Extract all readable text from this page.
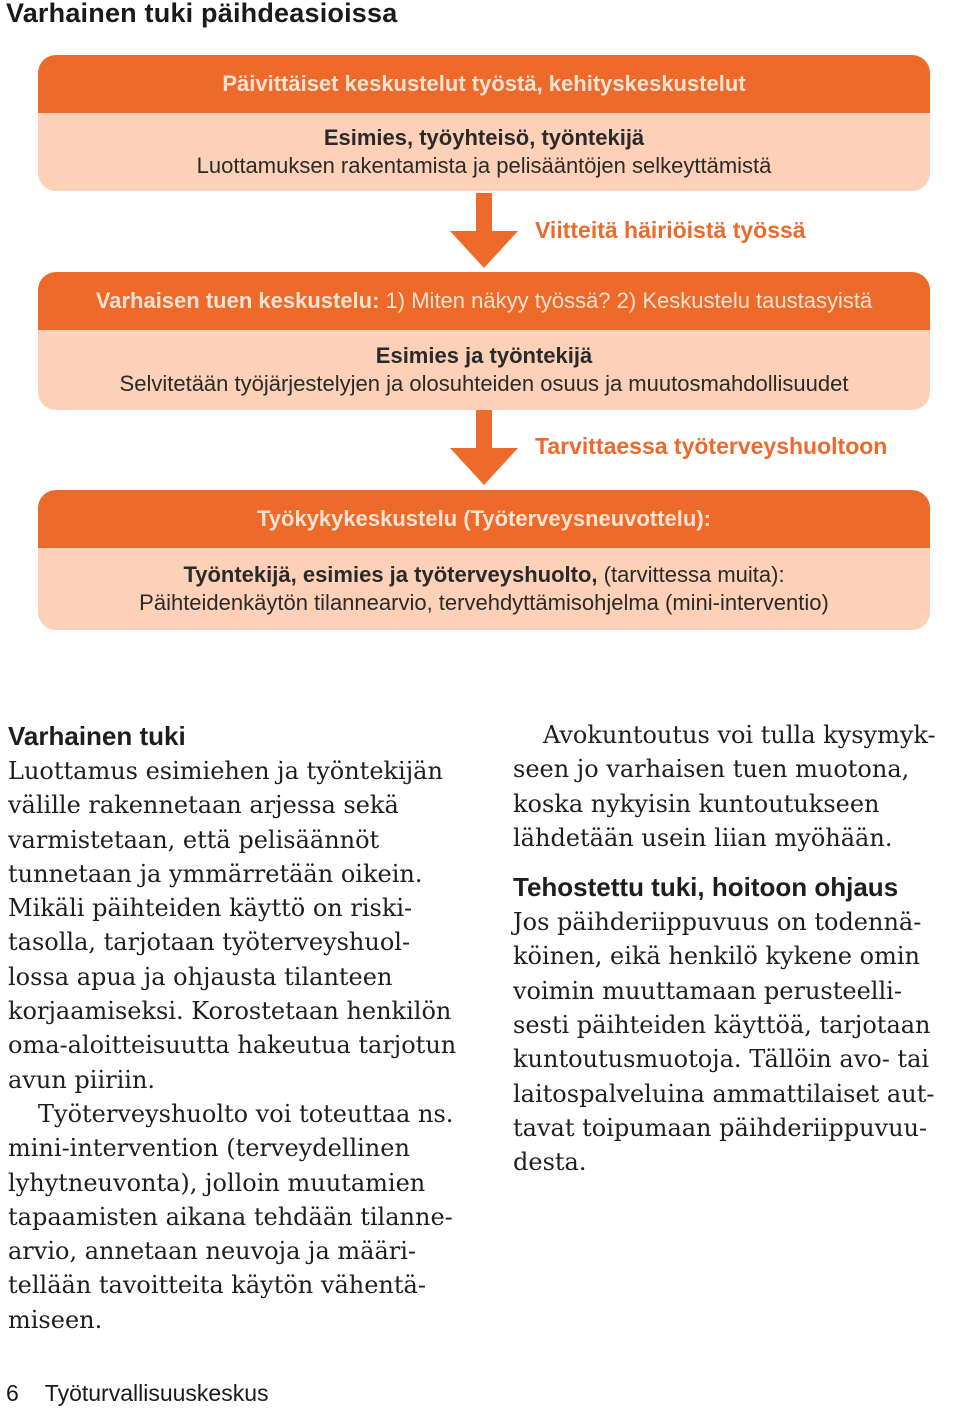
Varhainen tuki päihdeasioissa
Päivittäiset keskustelut työstä, kehityskeskustelut
Esimies, työyhteisö, työntekijä
Luottamuksen rakentamista ja pelisääntöjen selkeyttämistä
Viitteitä häiriöistä työssä
Varhaisen tuen keskustelu: 1) Miten näkyy työssä? 2) Keskustelu taustasyistä
Esimies ja työntekijä
Selvitetään työjärjestelyjen ja olosuhteiden osuus ja muutosmahdollisuudet
Tarvittaessa työterveyshuoltoon
Työkykykeskustelu (Työterveysneuvottelu):
Työntekijä, esimies ja työterveyshuolto, (tarvittessa muita):
Päihteidenkäytön tilannearvio, tervehdyttämisohjelma (mini-interventio)
Varhainen tuki

Luottamus esimiehen ja työntekijän

välille rakennetaan arjessa sekä

varmistetaan, että pelisäännöt

tunnetaan ja ymmärretään oikein.

Mikäli päihteiden käyttö on riski-

tasolla, tarjotaan työterveyshuol-

lossa apua ja ohjausta tilanteen

korjaamiseksi. Korostetaan henkilön

oma-aloitteisuutta hakeutua tarjotun

avun piiriin.

Työterveyshuolto voi toteuttaa ns.

mini-intervention (terveydellinen

lyhytneuvonta), jolloin muutamien

tapaamisten aikana tehdään tilanne-

arvio, annetaan neuvoja ja määri-

tellään tavoitteita käytön vähentä-

miseen.

Avokuntoutus voi tulla kysymyk-

seen jo varhaisen tuen muotona,

koska nykyisin kuntoutukseen

lähdetään usein liian myöhään.

Tehostettu tuki, hoitoon ohjaus

Jos päihderiippuvuus on todennä-

köinen, eikä henkilö kykene omin

voimin muuttamaan perusteelli-

sesti päihteiden käyttöä, tarjotaan

kuntoutusmuotoja. Tällöin avo- tai

laitospalveluina ammattilaiset aut-

tavat toipumaan päihderiippuvuu-

desta.

6 Työturvallisuuskeskus
